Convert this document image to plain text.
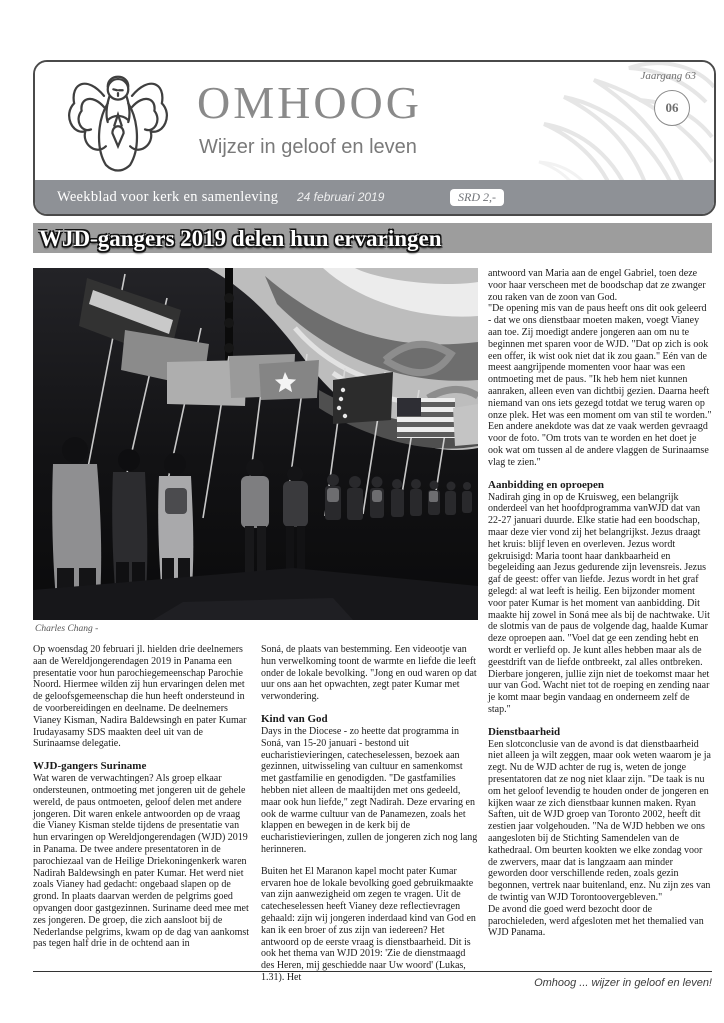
OMHOOG
Wijzer in geloof en leven
Jaargang 63
06
Weekblad voor kerk en samenleving 24 februari 2019	SRD 2,-
WJD-gangers 2019 delen hun ervaringen
Charles Chang -

Op woensdag 20 februari jl. hielden drie deelnemers aan de Wereldjongerendagen 2019 in Panama een presentatie voor hun parochiegemeenschap Parochie Noord. Hiermee wilden zij hun ervaringen delen met de geloofsgemeenschap die hun heeft ondersteund in de voorbereidingen en deelname. De deelnemers Vianey Kisman, Nadira Baldewsingh en pater Kumar Irudayasamy SDS maakten deel uit van de Surinaamse delegatie.

WJD-gangers Suriname

Wat waren de verwachtingen? Als groep elkaar ondersteunen, ontmoeting met jongeren uit de gehele wereld, de paus ontmoeten, geloof delen met andere jongeren. Dit waren enkele antwoorden op de vraag die Vianey Kisman stelde tijdens de presentatie van hun ervaringen op Wereldjongerendagen (WJD) 2019 in Panama. De twee andere presentatoren in de parochiezaal van de Heilige Driekoningenkerk waren Nadirah Baldewsingh en pater Kumar. Het werd niet zoals Vianey had gedacht: ongebaad slapen op de grond. In plaats daarvan werden de pelgrims goed opvangen door gastgezinnen. Suriname deed mee met zes jongeren. De groep, die zich aansloot bij de Nederlandse pelgrims, kwam op de dag van aankomst pas tegen half drie in de ochtend aan in

Soná, de plaats van bestemming. Een videootje van hun verwelkoming toont de warmte en liefde die leeft onder de lokale bevolking. "Jong en oud waren op dat uur ons aan het opwachten, zegt pater Kumar met verwondering.

Kind van God

Days in the Diocese - zo heette dat programma in Soná, van 15-20 januari - bestond uit eucharistievieringen, catecheselessen, bezoek aan gezinnen, uitwisseling van cultuur en samenkomst met gastfamilie en genodigden. "De gastfamilies hebben niet alleen de maaltijden met ons gedeeld, maar ook hun liefde," zegt Nadirah. Deze ervaring en ook de warme cultuur van de Panamezen, zoals het klappen en bewegen in de kerk bij de eucharistievieringen, zullen de jongeren zich nog lang herinneren.

Buiten het El Maranon kapel mocht pater Kumar ervaren hoe de lokale bevolking goed gebruikmaakte van zijn aanwezigheid om zegen te vragen. Uit de catecheselessen heeft Vianey deze reflectievragen gehaald: zijn wij jongeren inderdaad kind van God en kan ik een broer of zus zijn van iedereen? Het antwoord op de eerste vraag is dienstbaarheid. Dit is ook het thema van WJD 2019: 'Zie de dienstmaagd des Heren, mij geschiedde naar Uw woord' (Lukas, 1.31). Het

antwoord van Maria aan de engel Gabriel, toen deze voor haar verscheen met de boodschap dat ze zwanger zou raken van de zoon van God.

"De opening mis van de paus heeft ons dit ook geleerd - dat we ons dienstbaar moeten maken, voegt Vianey aan toe. Zij moedigt andere jongeren aan om nu te beginnen met sparen voor de WJD. "Dat op zich is ook een offer, ik wist ook niet dat ik zou gaan." Eén van de meest aangrijpende momenten voor haar was een ontmoeting met de paus. "Ik heb hem niet kunnen aanraken, alleen even van dichtbij gezien. Daarna heeft niemand van ons iets gezegd totdat we terug waren op onze plek. Het was een moment om van stil te worden." Een andere anekdote was dat ze vaak werden gevraagd voor de foto. "Om trots van te worden en het doet je ook wat om tussen al de andere vlaggen de Surinaamse vlag te zien."

Aanbidding en oproepen

Nadirah ging in op de Kruisweg, een belangrijk onderdeel van het hoofdprogramma vanWJD dat van 22-27 januari duurde. Elke statie had een boodschap, maar deze vier vond zij het belangrijkst. Jezus draagt het kruis: blijf leven en overleven. Jezus wordt gekruisigd: Maria toont haar dankbaarheid en begeleiding aan Jezus gedurende zijn levensreis. Jezus gaf de geest: offer van liefde. Jezus wordt in het graf gelegd: al wat leeft is heilig. Een bijzonder moment voor pater Kumar is het moment van aanbidding. Dit maakte hij zowel in Soná mee als bij de nachtwake. Uit de slotmis van de paus de volgende dag, haalde Kumar deze oproepen aan. "Voel dat ge een zending hebt en wordt er verliefd op. Je kunt alles hebben maar als de geestdrift van de liefde ontbreekt, zal alles ontbreken. Dierbare jongeren, jullie zijn niet de toekomst maar het uur van God. Wacht niet tot de roeping en zending naar je komt maar begin vandaag en onderneem zelf de stap."

Dienstbaarheid

Een slotconclusie van de avond is dat dienstbaarheid niet alleen ja wilt zeggen, maar ook weten waarom je ja zegt. Nu de WJD achter de rug is, weten de jonge presentatoren dat ze nog niet klaar zijn. "De taak is nu om het geloof levendig te houden onder de jongeren en kijken waar ze zich dienstbaar kunnen maken. Ryan Saften, uit de WJD groep van Toronto 2002, heeft dit zestien jaar volgehouden. "Na de WJD hebben we ons aangesloten bij de Stichting Samendelen van de kathedraal. Om beurten kookten we elke zondag voor de zwervers, maar dat is langzaam aan minder geworden door verschillende reden, zoals gezin begonnen, vertrek naar buitenland, enz. Nu zijn zes van de twintig van WJD Torontoovergebleven."

De avond die goed werd bezocht door de parochieleden, werd afgesloten met het themalied van WJD Panama.

Omhoog ... wijzer in geloof en leven!
